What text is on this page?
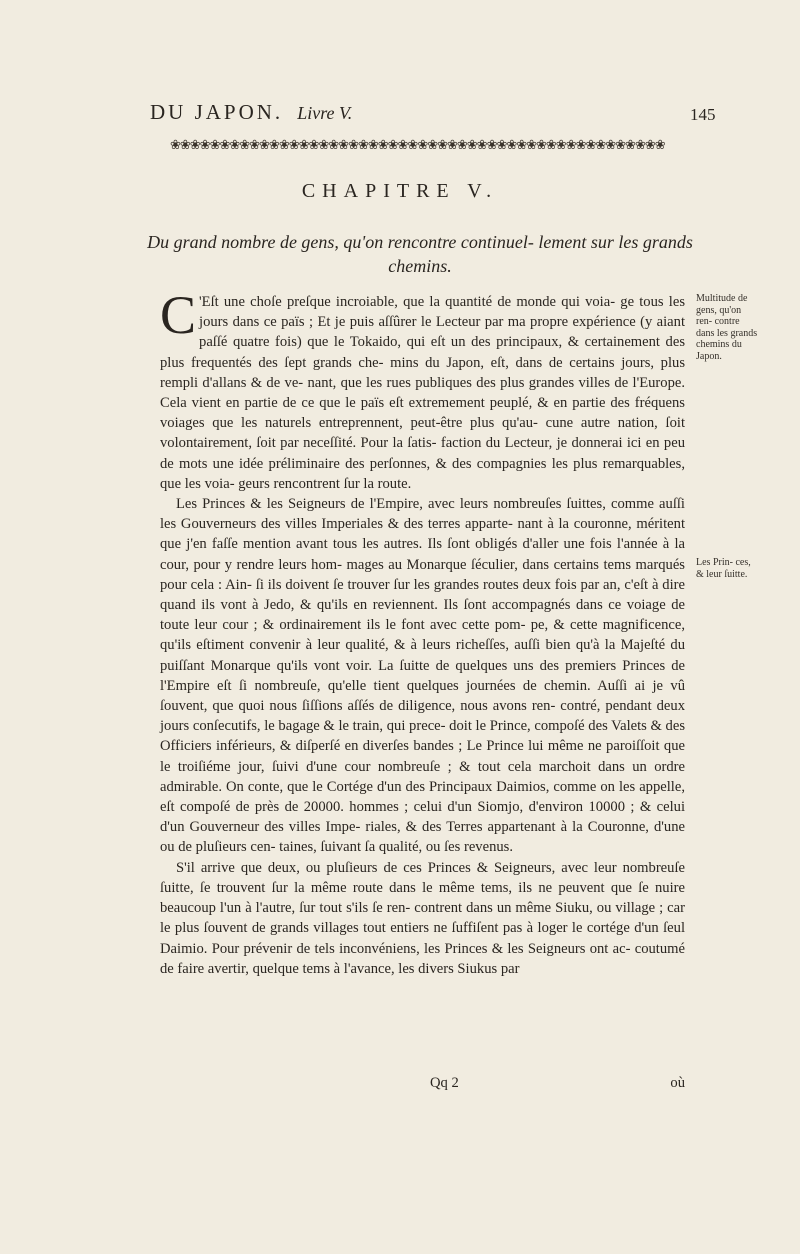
DU JAPON. Livre V.	145
❀❀❀❀❀❀❀❀❀❀❀❀❀❀❀❀❀❀❀❀❀❀❀❀❀❀❀❀❀❀❀❀❀❀❀❀❀❀❀❀❀❀❀❀❀❀❀❀❀❀
CHAPITRE V.
Du grand nombre de gens, qu'on rencontre continuel- lement sur les grands chemins.

C 'Eſt une choſe preſque incroiable, que la quantité de monde qui voia- ge tous les jours dans ce païs ; Et je puis aſſûrer le Lecteur par ma propre expérience (y aiant paſſé quatre fois) que le Tokaido, qui eſt un des principaux, & certainement des plus frequentés des ſept grands che- mins du Japon, eſt, dans de certains jours, plus rempli d'allans & de ve- nant, que les rues publiques des plus grandes villes de l'Europe. Cela vient en partie de ce que le païs eſt extremement peuplé, & en partie des fréquens voiages que les naturels entreprennent, peut-être plus qu'au- cune autre nation, ſoit volontairement, ſoit par neceſſité. Pour la ſatis- faction du Lecteur, je donnerai ici en peu de mots une idée préliminaire des perſonnes, & des compagnies les plus remarquables, que les voia- geurs rencontrent ſur la route.

Les Princes & les Seigneurs de l'Empire, avec leurs nombreuſes ſuittes, comme auſſi les Gouverneurs des villes Imperiales & des terres apparte- nant à la couronne, méritent que j'en faſſe mention avant tous les autres. Ils ſont obligés d'aller une fois l'année à la cour, pour y rendre leurs hom- mages au Monarque ſéculier, dans certains tems marqués pour cela : Ain- ſi ils doivent ſe trouver ſur les grandes routes deux fois par an, c'eſt à dire quand ils vont à Jedo, & qu'ils en reviennent. Ils ſont accompagnés dans ce voiage de toute leur cour ; & ordinairement ils le font avec cette pom- pe, & cette magnificence, qu'ils eſtiment convenir à leur qualité, & à leurs richeſſes, auſſi bien qu'à la Majeſté du puiſſant Monarque qu'ils vont voir. La ſuitte de quelques uns des premiers Princes de l'Empire eſt ſi nombreuſe, qu'elle tient quelques journées de chemin. Auſſi ai je vû ſouvent, que quoi nous ſiſſions aſſés de diligence, nous avons ren- contré, pendant deux jours conſecutifs, le bagage & le train, qui prece- doit le Prince, compoſé des Valets & des Officiers inférieurs, & diſperſé en diverſes bandes ; Le Prince lui même ne paroiſſoit que le troiſiéme jour, ſuivi d'une cour nombreuſe ; & tout cela marchoit dans un ordre admirable. On conte, que le Cortége d'un des Principaux Daimios, comme on les appelle, eſt compoſé de près de 20000. hommes ; celui d'un Siomjo, d'environ 10000 ; & celui d'un Gouverneur des villes Impe- riales, & des Terres appartenant à la Couronne, d'une ou de pluſieurs cen- taines, ſuivant ſa qualité, ou ſes revenus.

S'il arrive que deux, ou pluſieurs de ces Princes & Seigneurs, avec leur nombreuſe ſuitte, ſe trouvent ſur la même route dans le même tems, ils ne peuvent que ſe nuire beaucoup l'un à l'autre, ſur tout s'ils ſe ren- contrent dans un même Siuku, ou village ; car le plus ſouvent de grands villages tout entiers ne ſuffiſent pas à loger le cortége d'un ſeul Daimio. Pour prévenir de tels inconvéniens, les Princes & les Seigneurs ont ac- coutumé de faire avertir, quelque tems à l'avance, les divers Siukus par

Multitude de gens, qu'on ren- contre dans les grands chemins du Japon.
Les Prin- ces, & leur ſuitte.
Qq 2	où
